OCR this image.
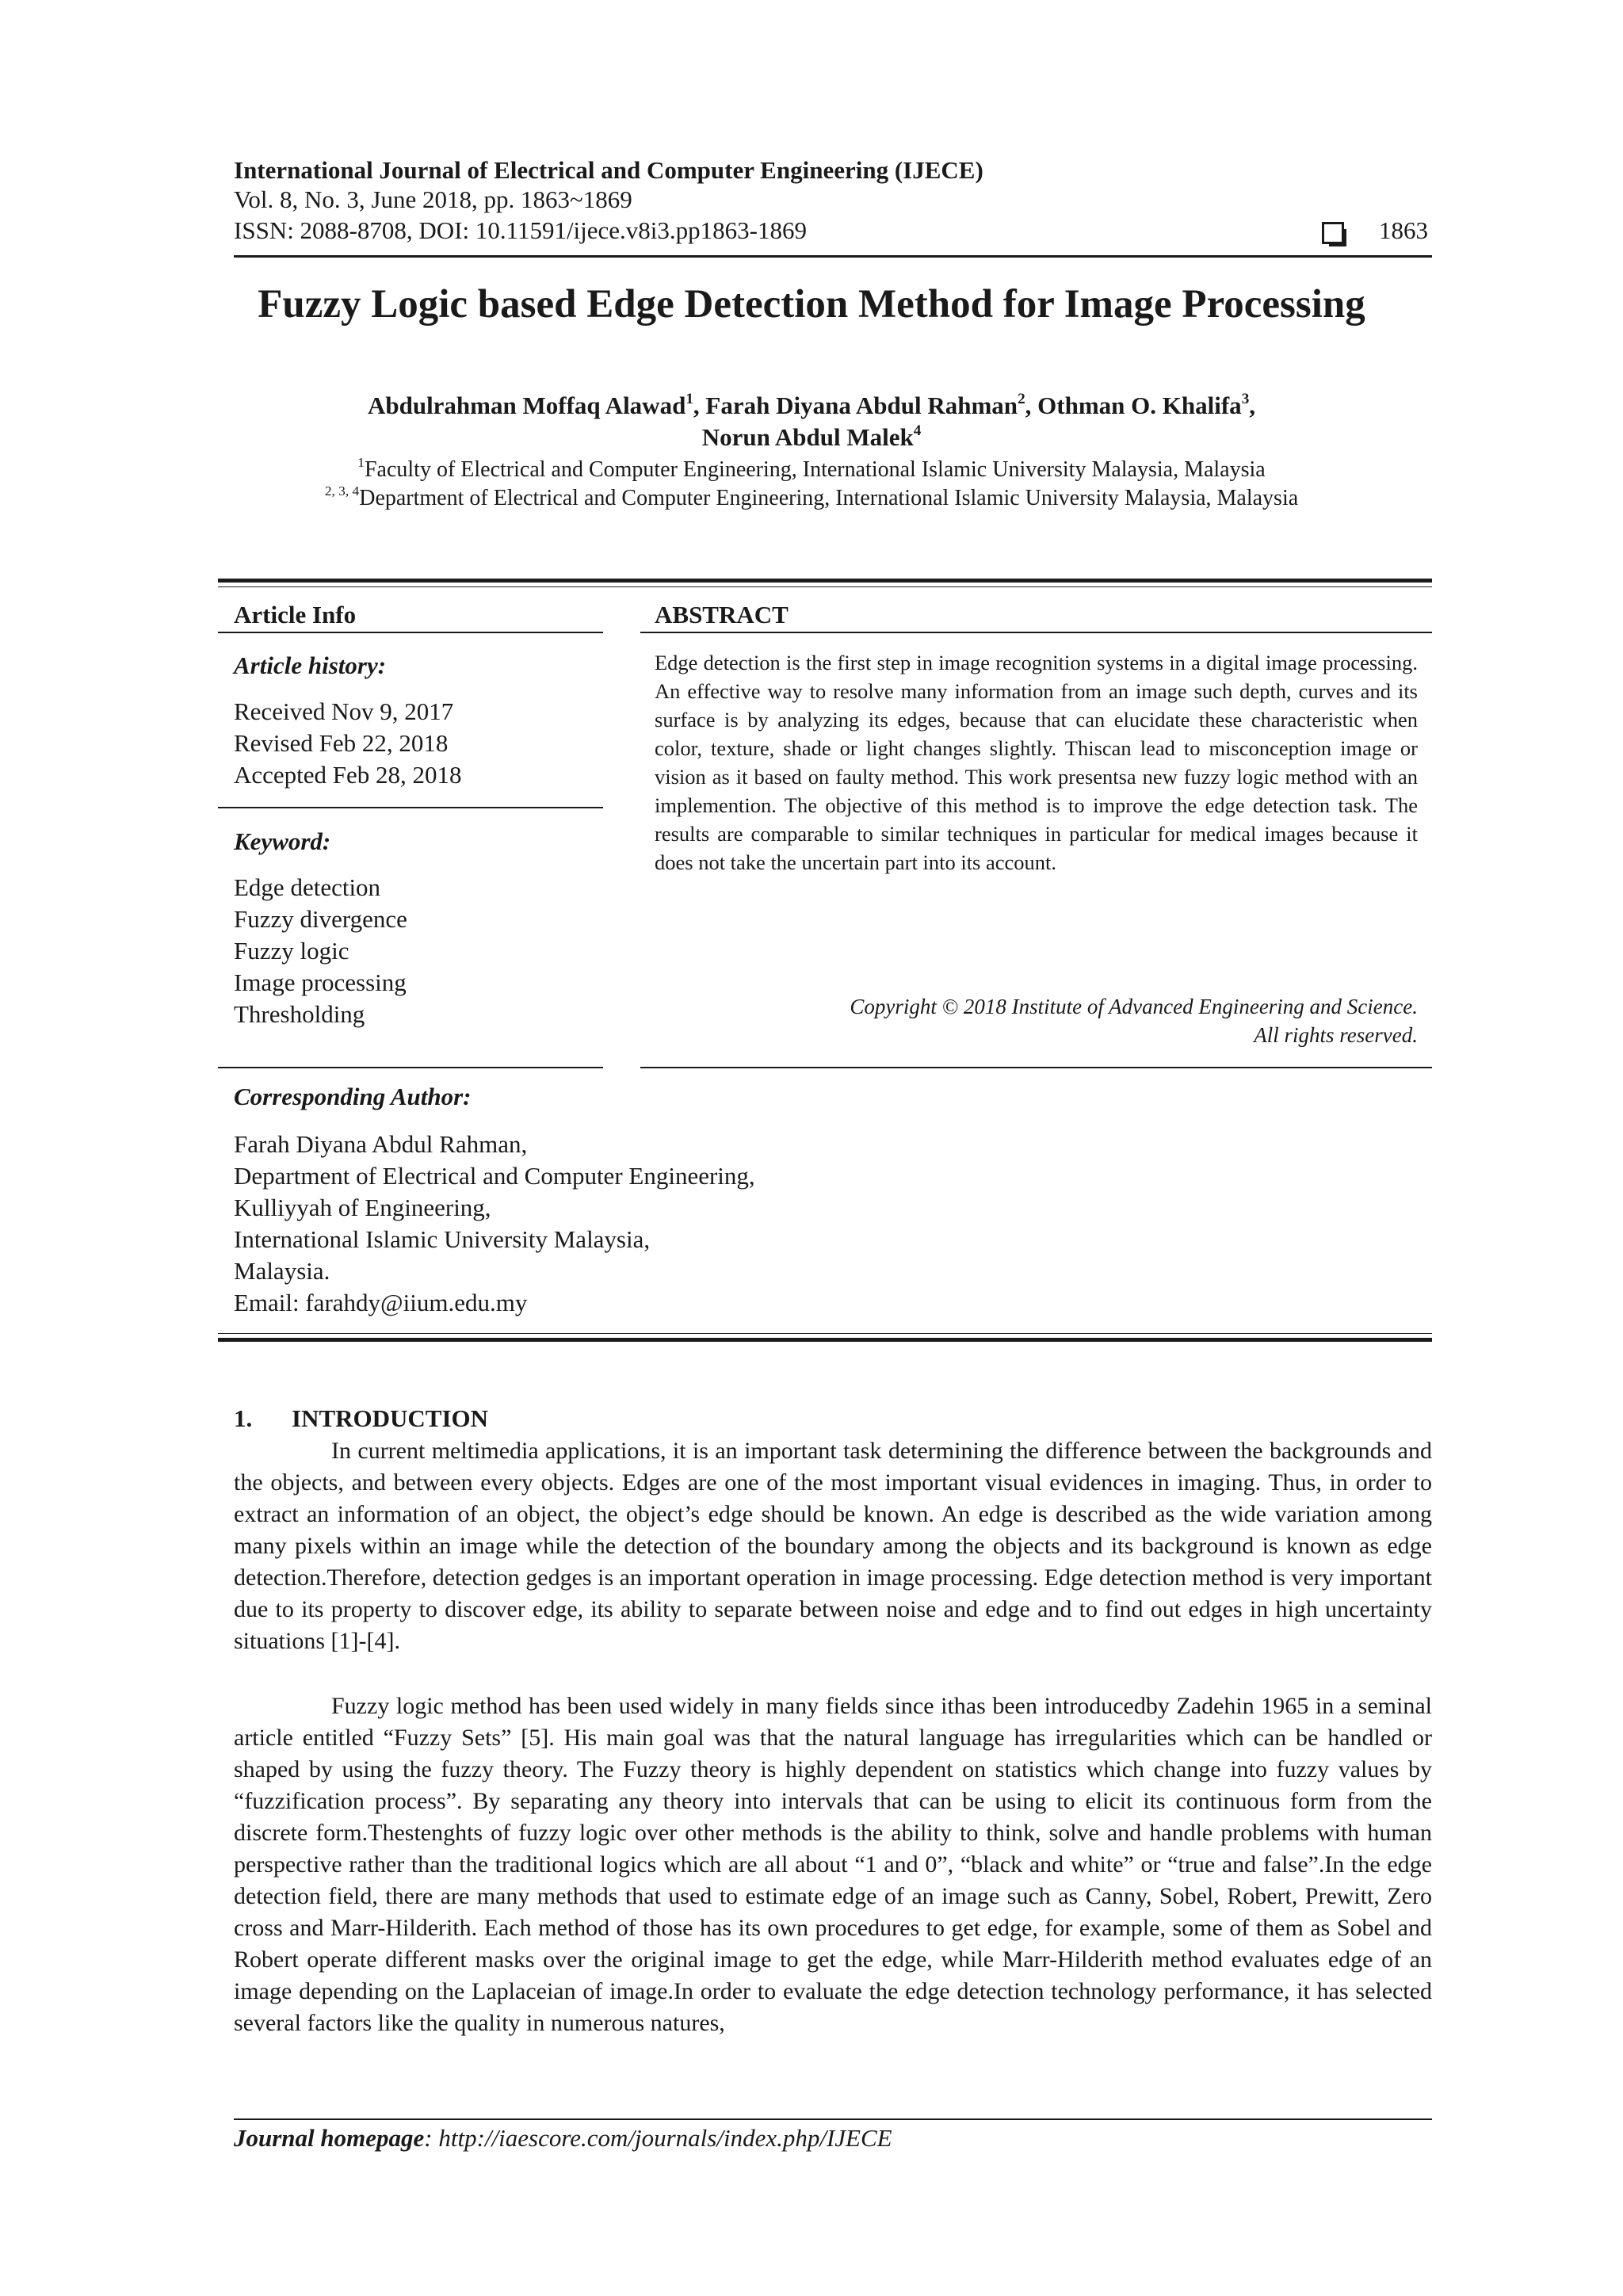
International Journal of Electrical and Computer Engineering (IJECE)
Vol. 8, No. 3, June 2018, pp. 1863~1869
ISSN: 2088-8708, DOI: 10.11591/ijece.v8i3.pp1863-1869	1863
Fuzzy Logic based Edge Detection Method for Image Processing
Abdulrahman Moffaq Alawad$^1$, Farah Diyana Abdul Rahman$^2$, Othman O. Khalifa$^3$,
Norun Abdul Malek$^4$
$^1$Faculty of Electrical and Computer Engineering, International Islamic University Malaysia, Malaysia
$^{2, 3, 4}$Department of Electrical and Computer Engineering, International Islamic University Malaysia, Malaysia
Article Info
Article history:
Received Nov 9, 2017
Revised Feb 22, 2018
Accepted Feb 28, 2018
Keyword:
Edge detection
Fuzzy divergence
Fuzzy logic
Image processing
Thresholding
ABSTRACT
Edge detection is the first step in image recognition systems in a digital image processing. An effective way to resolve many information from an image such depth, curves and its surface is by analyzing its edges, because that can elucidate these characteristic when color, texture, shade or light changes slightly. Thiscan lead to misconception image or vision as it based on faulty method. This work presentsa new fuzzy logic method with an implemention. The objective of this method is to improve the edge detection task. The results are comparable to similar techniques in particular for medical images because it does not take the uncertain part into its account.
Copyright © 2018 Institute of Advanced Engineering and Science.
All rights reserved.
Corresponding Author:
Farah Diyana Abdul Rahman,
Department of Electrical and Computer Engineering,
Kulliyyah of Engineering,
International Islamic University Malaysia,
Malaysia.
Email: farahdy@iium.edu.my
1. INTRODUCTION
In current meltimedia applications, it is an important task determining the difference between the backgrounds and the objects, and between every objects. Edges are one of the most important visual evidences in imaging. Thus, in order to extract an information of an object, the object’s edge should be known. An edge is described as the wide variation among many pixels within an image while the detection of the boundary among the objects and its background is known as edge detection.Therefore, detection gedges is an important operation in image processing. Edge detection method is very important due to its property to discover edge, its ability to separate between noise and edge and to find out edges in high uncertainty situations [1]-[4].
Fuzzy logic method has been used widely in many fields since ithas been introducedby Zadehin 1965 in a seminal article entitled “Fuzzy Sets” [5]. His main goal was that the natural language has irregularities which can be handled or shaped by using the fuzzy theory. The Fuzzy theory is highly dependent on statistics which change into fuzzy values by “fuzzification process”. By separating any theory into intervals that can be using to elicit its continuous form from the discrete form.Thestenghts of fuzzy logic over other methods is the ability to think, solve and handle problems with human perspective rather than the traditional logics which are all about “1 and 0”, “black and white” or “true and false”.In the edge detection field, there are many methods that used to estimate edge of an image such as Canny, Sobel, Robert, Prewitt, Zero cross and Marr-Hilderith. Each method of those has its own procedures to get edge, for example, some of them as Sobel and Robert operate different masks over the original image to get the edge, while Marr-Hilderith method evaluates edge of an image depending on the Laplaceian of image.In order to evaluate the edge detection technology performance, it has selected several factors like the quality in numerous natures,
Journal homepage: http://iaescore.com/journals/index.php/IJECE
